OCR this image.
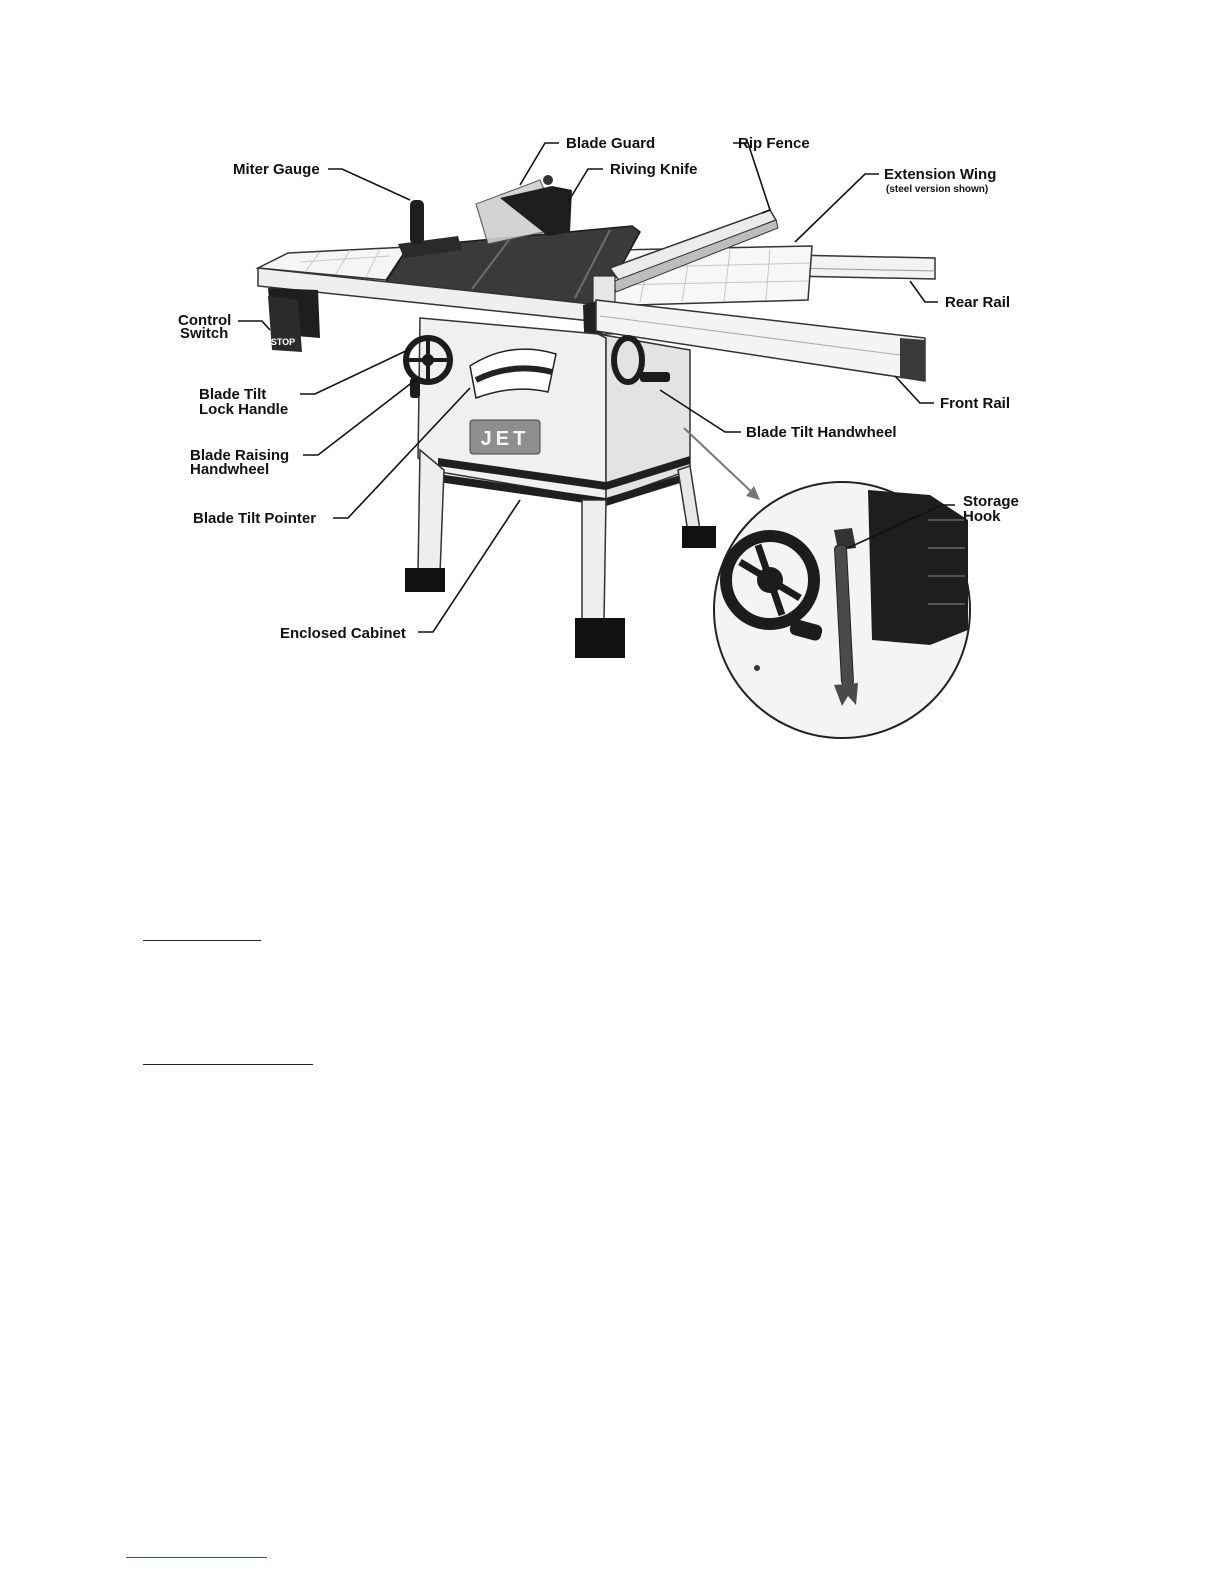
JET
STOP
Blade Guard	Rip Fence
Riving Knife
Miter Gauge	Extension Wing
(steel version shown)
Control
Switch
Rear Rail
Front Rail
Blade Tilt
Lock Handle
Blade Tilt Handwheel
Blade Raising
Handwheel
Blade Tilt Pointer
Storage
Hook
Enclosed Cabinet
